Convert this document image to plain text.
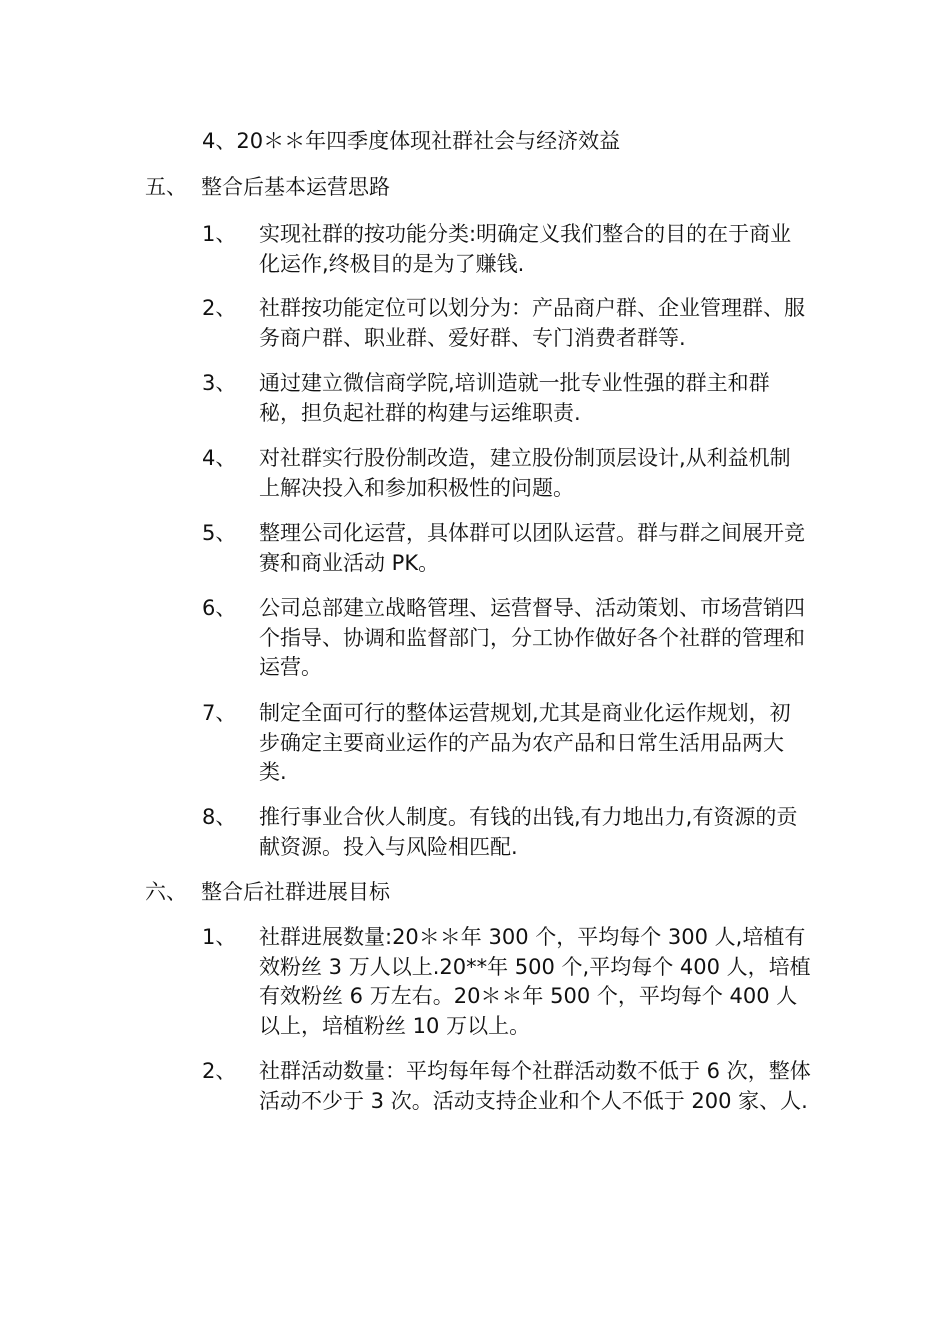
4、20＊＊年四季度体现社群社会与经济效益
五、 整合后基本运营思路
1、	实现社群的按功能分类:明确定义我们整合的目的在于商业化运作,终极目的是为了赚钱.
2、	社群按功能定位可以划分为：产品商户群、企业管理群、服务商户群、职业群、爱好群、专门消费者群等.
3、	通过建立微信商学院,培训造就一批专业性强的群主和群秘，担负起社群的构建与运维职责.
4、	对社群实行股份制改造，建立股份制顶层设计,从利益机制上解决投入和参加积极性的问题。
5、	整理公司化运营，具体群可以团队运营。群与群之间展开竞赛和商业活动 PK。
6、	公司总部建立战略管理、运营督导、活动策划、市场营销四个指导、协调和监督部门，分工协作做好各个社群的管理和运营。
7、	制定全面可行的整体运营规划,尤其是商业化运作规划，初步确定主要商业运作的产品为农产品和日常生活用品两大类.
8、	推行事业合伙人制度。有钱的出钱,有力地出力,有资源的贡献资源。投入与风险相匹配.
六、 整合后社群进展目标
1、	社群进展数量:20＊＊年 300 个，平均每个 300 人,培植有效粉丝 3 万人以上.20**年 500 个,平均每个 400 人，培植有效粉丝 6 万左右。20＊＊年 500 个，平均每个 400 人以上，培植粉丝 10 万以上。
2、	社群活动数量：平均每年每个社群活动数不低于 6 次，整体活动不少于 3 次。活动支持企业和个人不低于 200 家、人.
